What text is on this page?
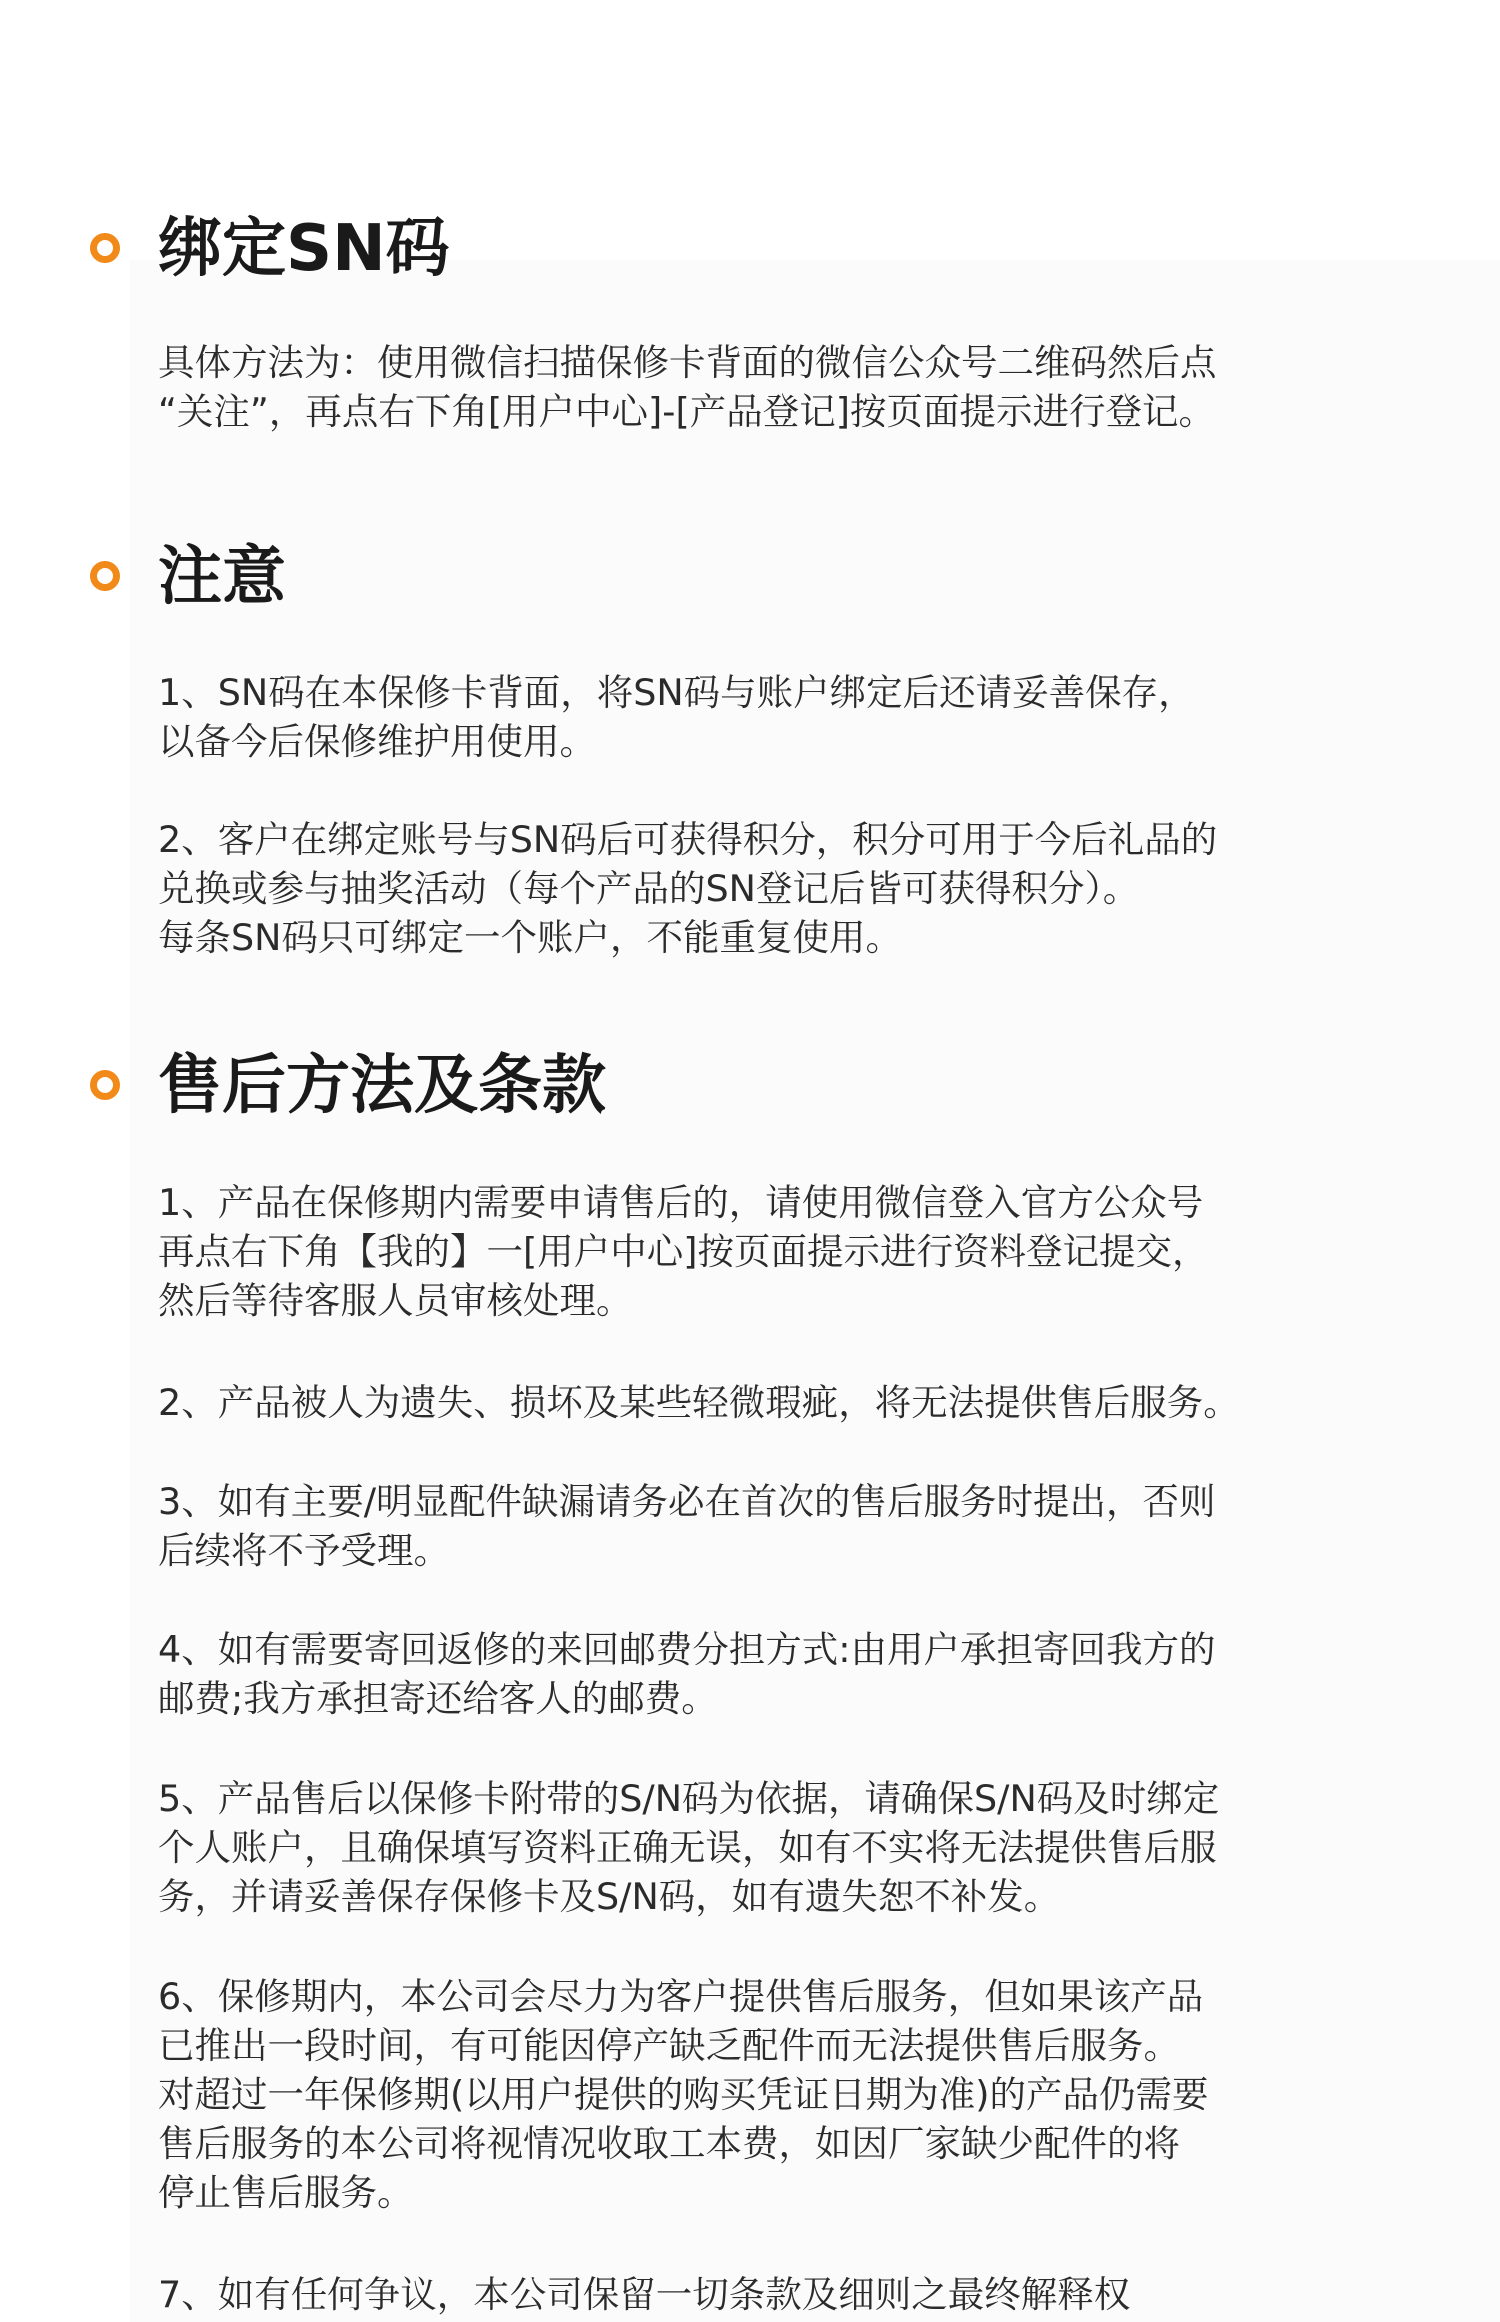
绑定SN码
具体方法为：使用微信扫描保修卡背面的微信公众号二维码然后点
“关注”，再点右下角[用户中心]-[产品登记]按页面提示进行登记。
注意
1、SN码在本保修卡背面，将SN码与账户绑定后还请妥善保存，
以备今后保修维护用使用。
2、客户在绑定账号与SN码后可获得积分，积分可用于今后礼品的
兑换或参与抽奖活动（每个产品的SN登记后皆可获得积分）。
每条SN码只可绑定一个账户，不能重复使用。
售后方法及条款
1、产品在保修期内需要申请售后的，请使用微信登入官方公众号
再点右下角【我的】一[用户中心]按页面提示进行资料登记提交，
然后等待客服人员审核处理。
2、产品被人为遗失、损坏及某些轻微瑕疵，将无法提供售后服务。
3、如有主要/明显配件缺漏请务必在首次的售后服务时提出，否则
后续将不予受理。
4、如有需要寄回返修的来回邮费分担方式:由用户承担寄回我方的
邮费;我方承担寄还给客人的邮费。
5、产品售后以保修卡附带的S/N码为依据，请确保S/N码及时绑定
个人账户，且确保填写资料正确无误，如有不实将无法提供售后服
务，并请妥善保存保修卡及S/N码，如有遗失恕不补发。
6、保修期内，本公司会尽力为客户提供售后服务，但如果该产品
已推出一段时间，有可能因停产缺乏配件而无法提供售后服务。
对超过一年保修期(以用户提供的购买凭证日期为准)的产品仍需要
售后服务的本公司将视情况收取工本费，如因厂家缺少配件的将
停止售后服务。
7、如有任何争议，本公司保留一切条款及细则之最终解释权
